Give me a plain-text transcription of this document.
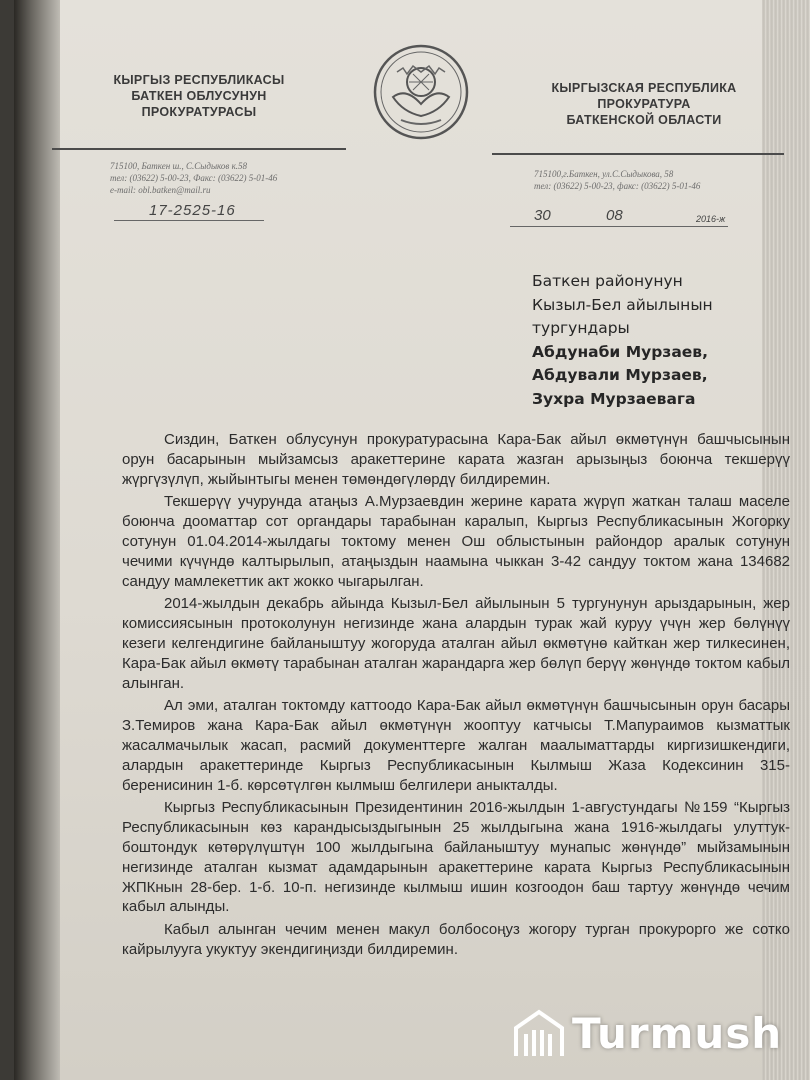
КЫРГЫЗ РЕСПУБЛИКАСЫ
БАТКЕН ОБЛУСУНУН
ПРОКУРАТУРАСЫ
КЫРГЫЗСКАЯ РЕСПУБЛИКА
ПРОКУРАТУРА
БАТКЕНСКОЙ ОБЛАСТИ
715100, Баткен ш., С.Сыдыков к.58
тел: (03622) 5-00-23, Факс: (03622) 5-01-46
e-mail: obl.batken@mail.ru
715100,г.Баткен, ул.С.Сыдыкова, 58
тел: (03622) 5-00-23, факс: (03622) 5-01-46
17-2525-16	30	08	2016-ж
Баткен районунун
Кызыл-Бел айылынын
тургундары
Абдунаби Мурзаев,
Абдували Мурзаев,
Зухра Мурзаевага

Сиздин, Баткен облусунун прокуратурасына Кара-Бак айыл өкмөтүнүн башчысынын орун басарынын мыйзамсыз аракеттерине карата жазган арызыңыз боюнча текшерүү жүргүзүлүп, жыйынтыгы менен төмөндөгүлөрдү билдиремин.

Текшерүү учурунда атаңыз А.Мурзаевдин жерине карата жүрүп жаткан талаш маселе боюнча дооматтар сот органдары тарабынан каралып, Кыргыз Республикасынын Жогорку сотунун 01.04.2014-жылдагы токтому менен Ош облыстынын райондор аралык сотунун чечими күчүндө калтырылып, атаңыздын наамына чыккан 3-42 сандуу токтом жана 134682 сандуу мамлекеттик акт жокко чыгарылган.

2014-жылдын декабрь айында Кызыл-Бел айылынын 5 тургунунун арыздарынын, жер комиссиясынын протоколунун негизинде жана алардын турак жай куруу үчүн жер бөлүнүү кезеги келгендигине байланыштуу жогоруда аталган айыл өкмөтүнө кайткан жер тилкесинен, Кара-Бак айыл өкмөтү тарабынан аталган жарандарга жер бөлүп берүү жөнүндө токтом кабыл алынган.

Ал эми, аталган токтомду каттоодо Кара-Бак айыл өкмөтүнүн башчысынын орун басары З.Темиров жана Кара-Бак айыл өкмөтүнүн жооптуу катчысы Т.Мапураимов кызматтык жасалмачылык жасап, расмий документтерге жалган маалыматтарды киргизишкендиги, алардын аракеттеринде Кыргыз Республикасынын Кылмыш Жаза Кодексинин 315-беренисинин 1-б. көрсөтүлгөн кылмыш белгилери аныкталды.

Кыргыз Республикасынын Президентинин 2016-жылдын 1-августундагы №159 “Кыргыз Республикасынын көз карандысыздыгынын 25 жылдыгына жана 1916-жылдагы улуттук-боштондук көтөрүлүштүн 100 жылдыгына байланыштуу мунапыс жөнүндө” мыйзамынын негизинде аталган кызмат адамдарынын аракеттерине карата Кыргыз Республикасынын ЖПКнын 28-бер. 1-б. 10-п. негизинде кылмыш ишин козгоодон баш тартуу жөнүндө чечим кабыл алынды.

Кабыл алынган чечим менен макул болбосоңуз жогору турган прокурорго же сотко кайрылууга укуктуу экендигиңизди билдиремин.

Turmush
